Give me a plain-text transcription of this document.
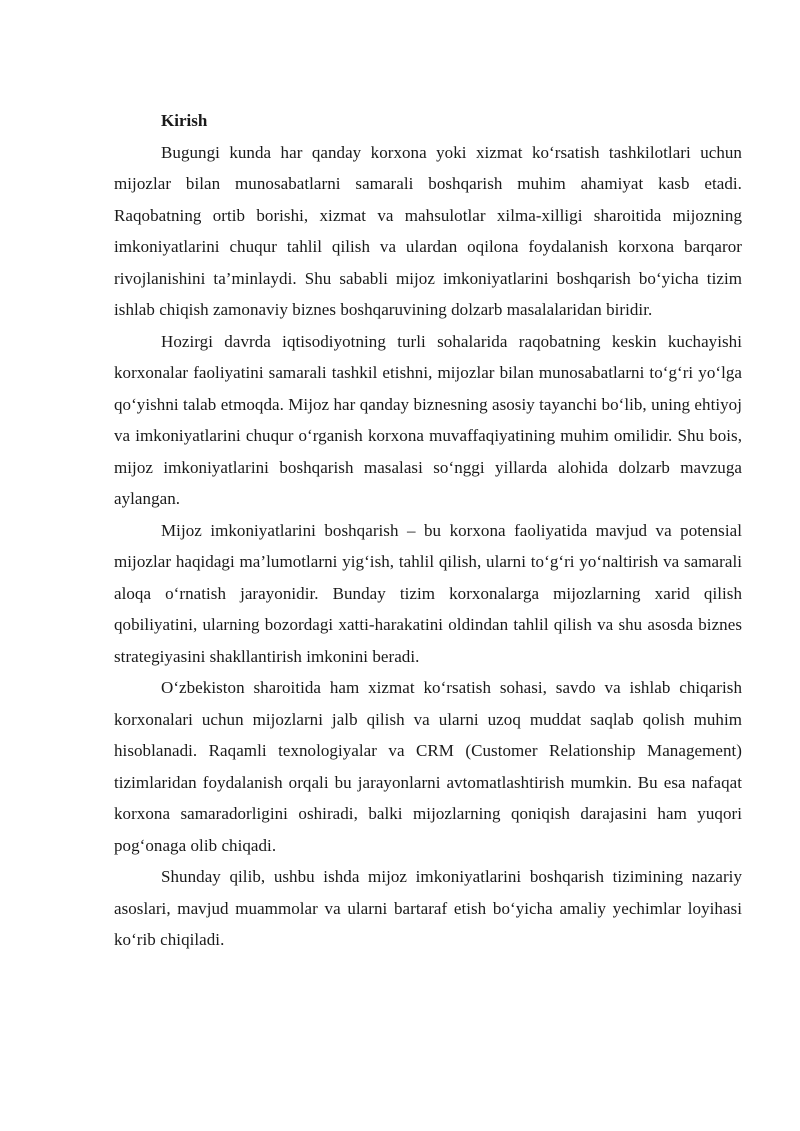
Kirish

Bugungi kunda har qanday korxona yoki xizmat ko‘rsatish tashkilotlari uchun mijozlar bilan munosabatlarni samarali boshqarish muhim ahamiyat kasb etadi. Raqobatning ortib borishi, xizmat va mahsulotlar xilma-xilligi sharoitida mijozning imkoniyatlarini chuqur tahlil qilish va ulardan oqilona foydalanish korxona barqaror rivojlanishini ta’minlaydi. Shu sababli mijoz imkoniyatlarini boshqarish bo‘yicha tizim ishlab chiqish zamonaviy biznes boshqaruvining dolzarb masalalaridan biridir.

Hozirgi davrda iqtisodiyotning turli sohalarida raqobatning keskin kuchayishi korxonalar faoliyatini samarali tashkil etishni, mijozlar bilan munosabatlarni to‘g‘ri yo‘lga qo‘yishni talab etmoqda. Mijoz har qanday biznesning asosiy tayanchi bo‘lib, uning ehtiyoj va imkoniyatlarini chuqur o‘rganish korxona muvaffaqiyatining muhim omilidir. Shu bois, mijoz imkoniyatlarini boshqarish masalasi so‘nggi yillarda alohida dolzarb mavzuga aylangan.

Mijoz imkoniyatlarini boshqarish – bu korxona faoliyatida mavjud va potensial mijozlar haqidagi ma’lumotlarni yig‘ish, tahlil qilish, ularni to‘g‘ri yo‘naltirish va samarali aloqa o‘rnatish jarayonidir. Bunday tizim korxonalarga mijozlarning xarid qilish qobiliyatini, ularning bozordagi xatti-harakatini oldindan tahlil qilish va shu asosda biznes strategiyasini shakllantirish imkonini beradi.

O‘zbekiston sharoitida ham xizmat ko‘rsatish sohasi, savdo va ishlab chiqarish korxonalari uchun mijozlarni jalb qilish va ularni uzoq muddat saqlab qolish muhim hisoblanadi. Raqamli texnologiyalar va CRM (Customer Relationship Management) tizimlaridan foydalanish orqali bu jarayonlarni avtomatlashtirish mumkin. Bu esa nafaqat korxona samaradorligini oshiradi, balki mijozlarning qoniqish darajasini ham yuqori pog‘onaga olib chiqadi.

Shunday qilib, ushbu ishda mijoz imkoniyatlarini boshqarish tizimining nazariy asoslari, mavjud muammolar va ularni bartaraf etish bo‘yicha amaliy yechimlar loyihasi ko‘rib chiqiladi.
